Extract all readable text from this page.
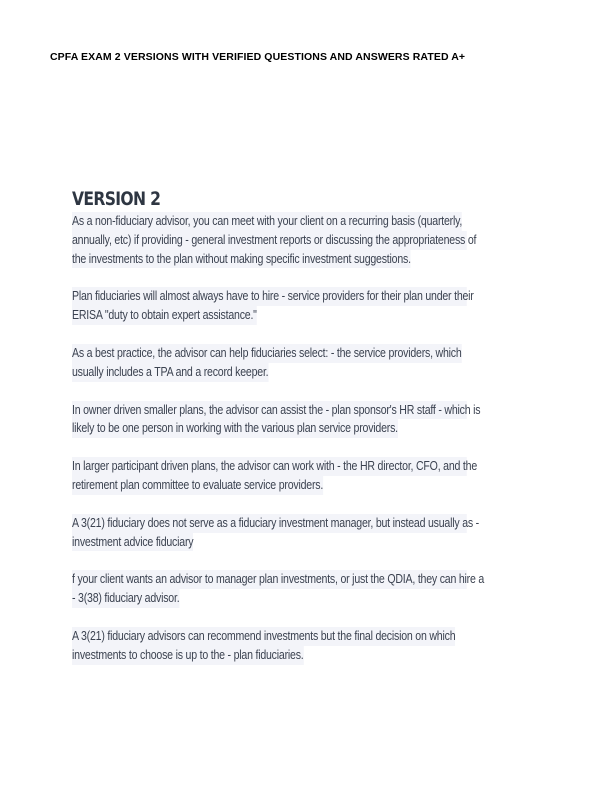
CPFA EXAM 2 VERSIONS WITH VERIFIED QUESTIONS AND ANSWERS RATED A+
VERSION 2
As a non-fiduciary advisor, you can meet with your client on a recurring basis (quarterly,
annually, etc) if providing - general investment reports or discussing the appropriateness of
the investments to the plan without making specific investment suggestions.
Plan fiduciaries will almost always have to hire - service providers for their plan under their
ERISA "duty to obtain expert assistance."
As a best practice, the advisor can help fiduciaries select: - the service providers, which
usually includes a TPA and a record keeper.
In owner driven smaller plans, the advisor can assist the - plan sponsor's HR staff - which is
likely to be one person in working with the various plan service providers.
In larger participant driven plans, the advisor can work with - the HR director, CFO, and the
retirement plan committee to evaluate service providers.
A 3(21) fiduciary does not serve as a fiduciary investment manager, but instead usually as -
investment advice fiduciary
f your client wants an advisor to manager plan investments, or just the QDIA, they can hire a
- 3(38) fiduciary advisor.
A 3(21) fiduciary advisors can recommend investments but the final decision on which
investments to choose is up to the - plan fiduciaries.
